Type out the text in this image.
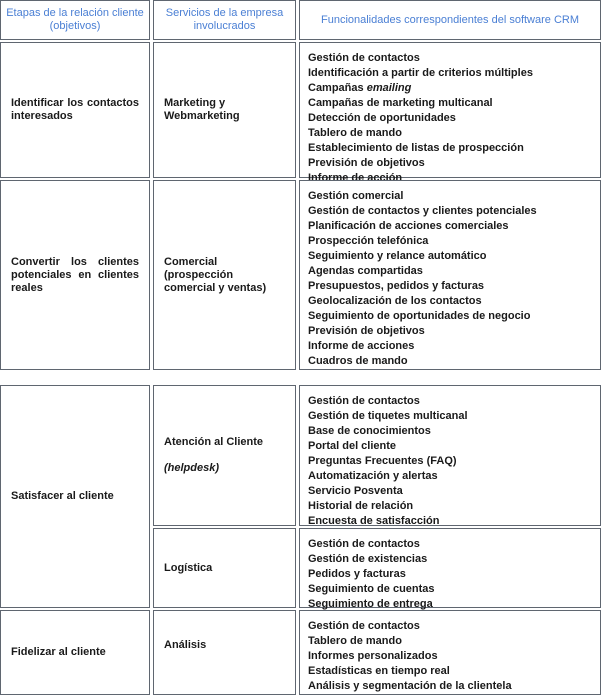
Etapas de la relación cliente (objetivos)
Servicios de la empresa involucrados
Funcionalidades correspondientes del software CRM
Identificar los contactos interesados
Marketing y Webmarketing
Gestión de contactos
Identificación a partir de criterios múltiples
Campañas emailing
Campañas de marketing multicanal
Detección de oportunidades
Tablero de mando
Establecimiento de listas de prospección
Previsión de objetivos
Informe de acción
Convertir los clientes potenciales en clientes reales
Comercial (prospección comercial y ventas)
Gestión comercial
Gestión de contactos y clientes potenciales
Planificación de acciones comerciales
Prospección telefónica
Seguimiento y relance automático
Agendas compartidas
Presupuestos, pedidos y facturas
Geolocalización de los contactos
Seguimiento de oportunidades de negocio
Previsión de objetivos
Informe de acciones
Cuadros de mando
Satisfacer al cliente
Atención al Cliente

(helpdesk)
Gestión de contactos
Gestión de tiquetes multicanal
Base de conocimientos
Portal del cliente
Preguntas Frecuentes (FAQ)
Automatización y alertas
Servicio Posventa
Historial de relación
Encuesta de satisfacción
Logística
Gestión de contactos
Gestión de existencias
Pedidos y facturas
Seguimiento de cuentas
Seguimiento de entrega
Fidelizar al cliente
Análisis
Gestión de contactos
Tablero de mando
Informes personalizados
Estadísticas en tiempo real
Análisis y segmentación de la clientela
